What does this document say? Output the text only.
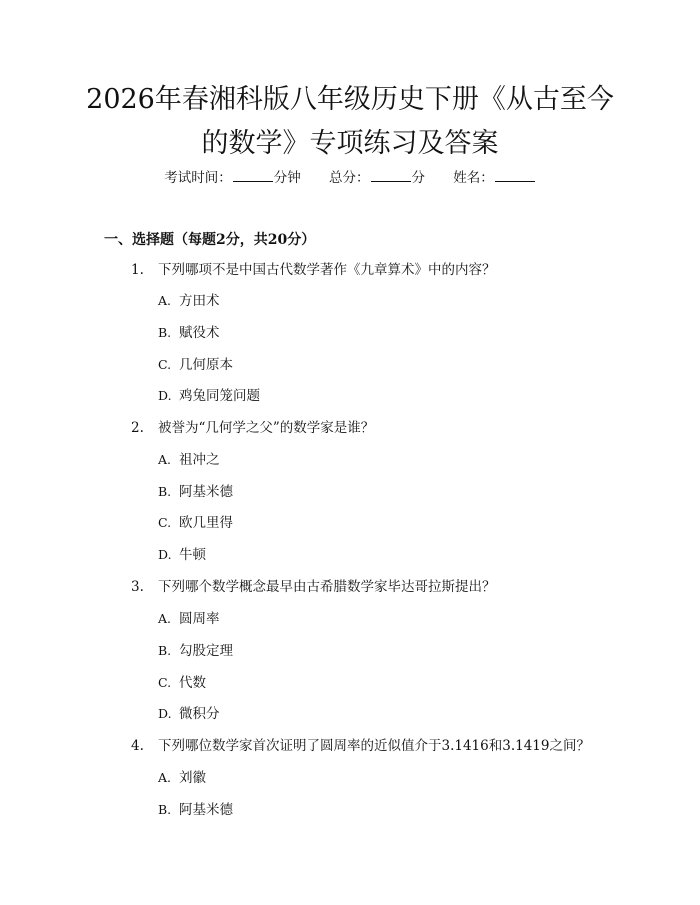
2026年春湘科版八年级历史下册《从古至今
的数学》专项练习及答案
考试时间：	分钟 总分：	分 姓名：
一、选择题（每题2分，共20分）
1. 下列哪项不是中国古代数学著作《九章算术》中的内容？
A. 方田术
B. 赋役术
C. 几何原本
D. 鸡兔同笼问题
2. 被誉为“几何学之父”的数学家是谁？
A. 祖冲之
B. 阿基米德
C. 欧几里得
D. 牛顿
3. 下列哪个数学概念最早由古希腊数学家毕达哥拉斯提出？
A. 圆周率
B. 勾股定理
C. 代数
D. 微积分
4. 下列哪位数学家首次证明了圆周率的近似值介于3.1416和3.1419之间？
A. 刘徽
B. 阿基米德
